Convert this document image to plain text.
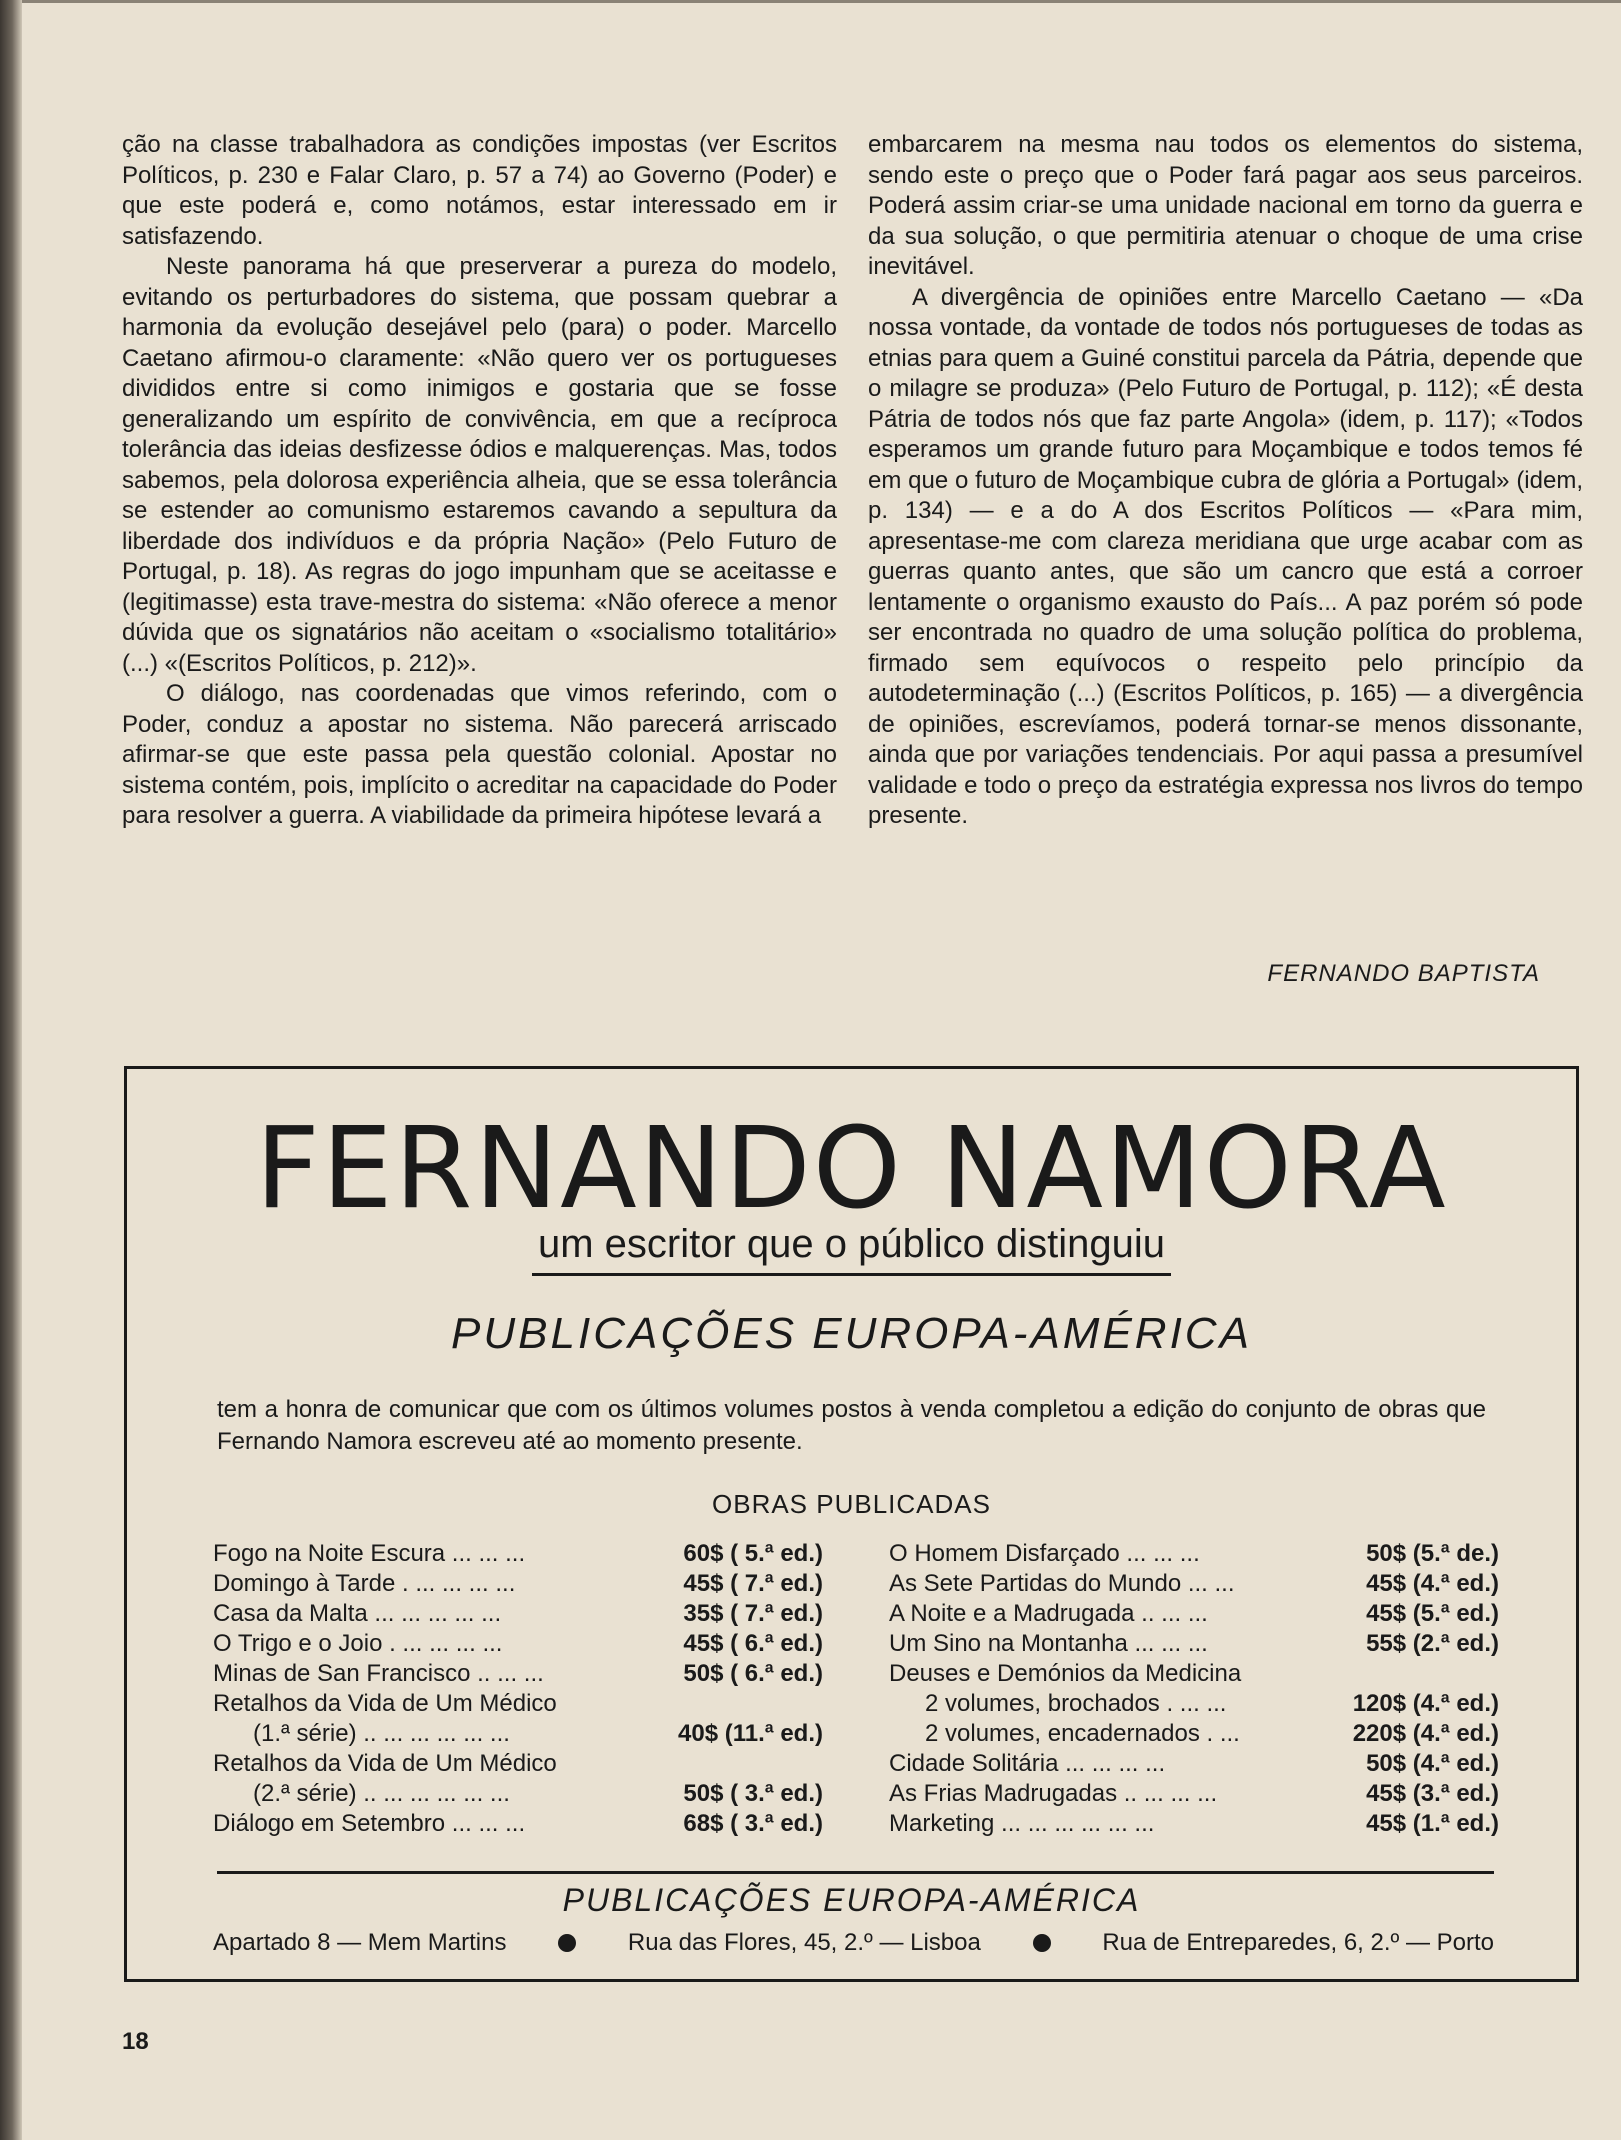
ção na classe trabalhadora as condições impostas (ver Escritos Políticos, p. 230 e Falar Claro, p. 57 a 74) ao Governo (Poder) e que este poderá e, como notámos, estar interessado em ir satisfazendo.

Neste panorama há que preserverar a pureza do modelo, evitando os perturbadores do sistema, que possam quebrar a harmonia da evolução desejável pelo (para) o poder. Marcello Caetano afirmou-o claramente: «Não quero ver os portugueses divididos entre si como inimigos e gostaria que se fosse generalizando um espírito de convivência, em que a recíproca tolerância das ideias desfizesse ódios e malquerenças. Mas, todos sabemos, pela dolorosa experiência alheia, que se essa tolerância se estender ao comunismo estaremos cavando a sepultura da liberdade dos indivíduos e da própria Nação» (Pelo Futuro de Portugal, p. 18). As regras do jogo impunham que se aceitasse e (legitimasse) esta trave-mestra do sistema: «Não oferece a menor dúvida que os signatários não aceitam o «socialismo totalitário» (...) «(Escritos Políticos, p. 212)».

O diálogo, nas coordenadas que vimos referindo, com o Poder, conduz a apostar no sistema. Não parecerá arriscado afirmar-se que este passa pela questão colonial. Apostar no sistema contém, pois, implícito o acreditar na capacidade do Poder para resolver a guerra. A viabilidade da primeira hipótese levará a

embarcarem na mesma nau todos os elementos do sistema, sendo este o preço que o Poder fará pagar aos seus parceiros. Poderá assim criar-se uma unidade nacional em torno da guerra e da sua solução, o que permitiria atenuar o choque de uma crise inevitável.

A divergência de opiniões entre Marcello Caetano — «Da nossa vontade, da vontade de todos nós portugueses de todas as etnias para quem a Guiné constitui parcela da Pátria, depende que o milagre se produza» (Pelo Futuro de Portugal, p. 112); «É desta Pátria de todos nós que faz parte Angola» (idem, p. 117); «Todos esperamos um grande futuro para Moçambique e todos temos fé em que o futuro de Moçambique cubra de glória a Portugal» (idem, p. 134) — e a do A dos Escritos Políticos — «Para mim, apresentase-me com clareza meridiana que urge acabar com as guerras quanto antes, que são um cancro que está a corroer lentamente o organismo exausto do País... A paz porém só pode ser encontrada no quadro de uma solução política do problema, firmado sem equívocos o respeito pelo princípio da autodeterminação (...) (Escritos Políticos, p. 165) — a divergência de opiniões, escrevíamos, poderá tornar-se menos dissonante, ainda que por variações tendenciais. Por aqui passa a presumível validade e todo o preço da estratégia expressa nos livros do tempo presente.

FERNANDO BAPTISTA
FERNANDO NAMORA
um escritor que o público distinguiu
PUBLICAÇÕES EUROPA-AMÉRICA
tem a honra de comunicar que com os últimos volumes postos à venda completou a edição do conjunto de obras que Fernando Namora escreveu até ao momento presente.
OBRAS PUBLICADAS
Fogo na Noite Escura ... ... ...	60$ ( 5.ª ed.)
Domingo à Tarde . ... ... ... ...	45$ ( 7.ª ed.)
Casa da Malta ... ... ... ... ...	35$ ( 7.ª ed.)
O Trigo e o Joio . ... ... ... ...	45$ ( 6.ª ed.)
Minas de San Francisco .. ... ...	50$ ( 6.ª ed.)
Retalhos da Vida de Um Médico
(1.ª série) .. ... ... ... ... ...	40$ (11.ª ed.)
Retalhos da Vida de Um Médico
(2.ª série) .. ... ... ... ... ...	50$ ( 3.ª ed.)
Diálogo em Setembro ... ... ...	68$ ( 3.ª ed.)
O Homem Disfarçado ... ... ...	50$ (5.ª de.)
As Sete Partidas do Mundo ... ...	45$ (4.ª ed.)
A Noite e a Madrugada .. ... ...	45$ (5.ª ed.)
Um Sino na Montanha ... ... ...	55$ (2.ª ed.)
Deuses e Demónios da Medicina
2 volumes, brochados . ... ...	120$ (4.ª ed.)
2 volumes, encadernados . ...	220$ (4.ª ed.)
Cidade Solitária ... ... ... ...	50$ (4.ª ed.)
As Frias Madrugadas .. ... ... ...	45$ (3.ª ed.)
Marketing ... ... ... ... ... ...	45$ (1.ª ed.)
PUBLICAÇÕES EUROPA-AMÉRICA
Apartado 8 — Mem Martins	Rua das Flores, 45, 2.º — Lisboa	Rua de Entreparedes, 6, 2.º — Porto
18
